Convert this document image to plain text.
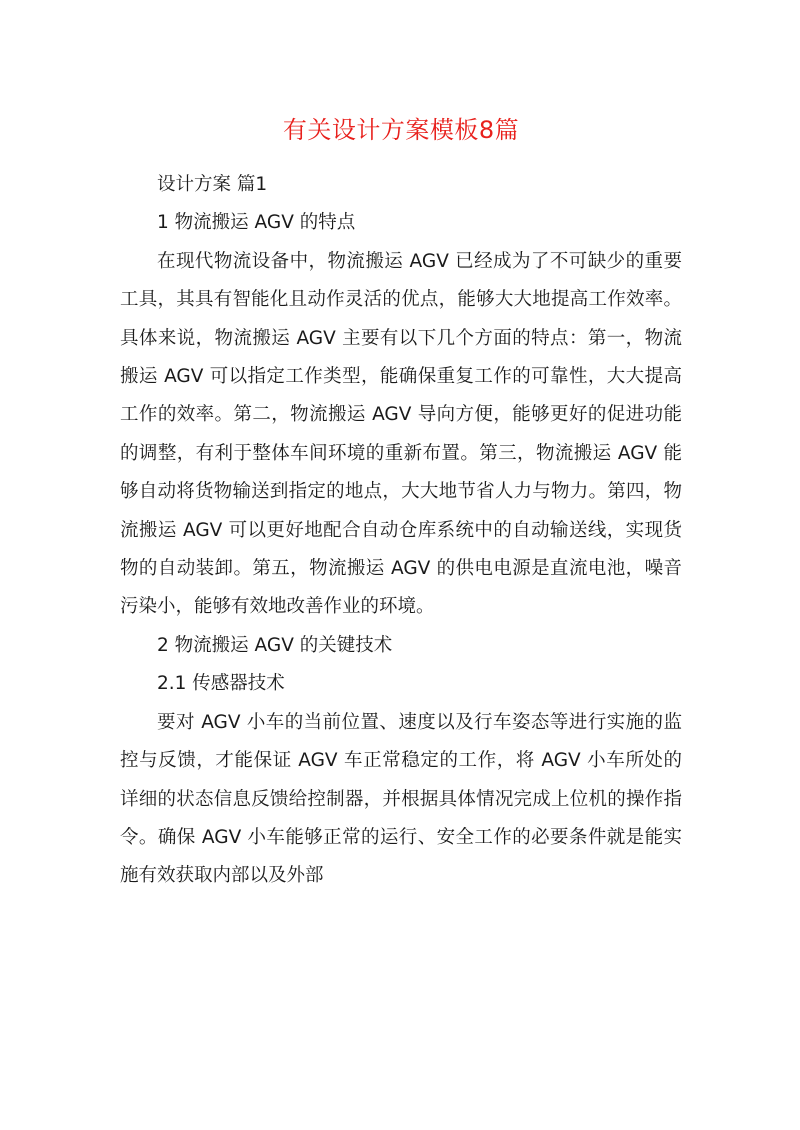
有关设计方案模板8篇

设计方案 篇1

1 物流搬运 AGV 的特点

在现代物流设备中，物流搬运 AGV 已经成为了不可缺少的重要工具，其具有智能化且动作灵活的优点，能够大大地提高工作效率。具体来说，物流搬运 AGV 主要有以下几个方面的特点：第一，物流搬运 AGV 可以指定工作类型，能确保重复工作的可靠性，大大提高工作的效率。第二，物流搬运 AGV 导向方便，能够更好的促进功能的调整，有利于整体车间环境的重新布置。第三，物流搬运 AGV 能够自动将货物输送到指定的地点，大大地节省人力与物力。第四，物流搬运 AGV 可以更好地配合自动仓库系统中的自动输送线，实现货物的自动装卸。第五，物流搬运 AGV 的供电电源是直流电池，噪音污染小，能够有效地改善作业的环境。

2 物流搬运 AGV 的关键技术

2.1 传感器技术

要对 AGV 小车的当前位置、速度以及行车姿态等进行实施的监控与反馈，才能保证 AGV 车正常稳定的工作，将 AGV 小车所处的详细的状态信息反馈给控制器，并根据具体情况完成上位机的操作指令。确保 AGV 小车能够正常的运行、安全工作的必要条件就是能实施有效获取内部以及外部
